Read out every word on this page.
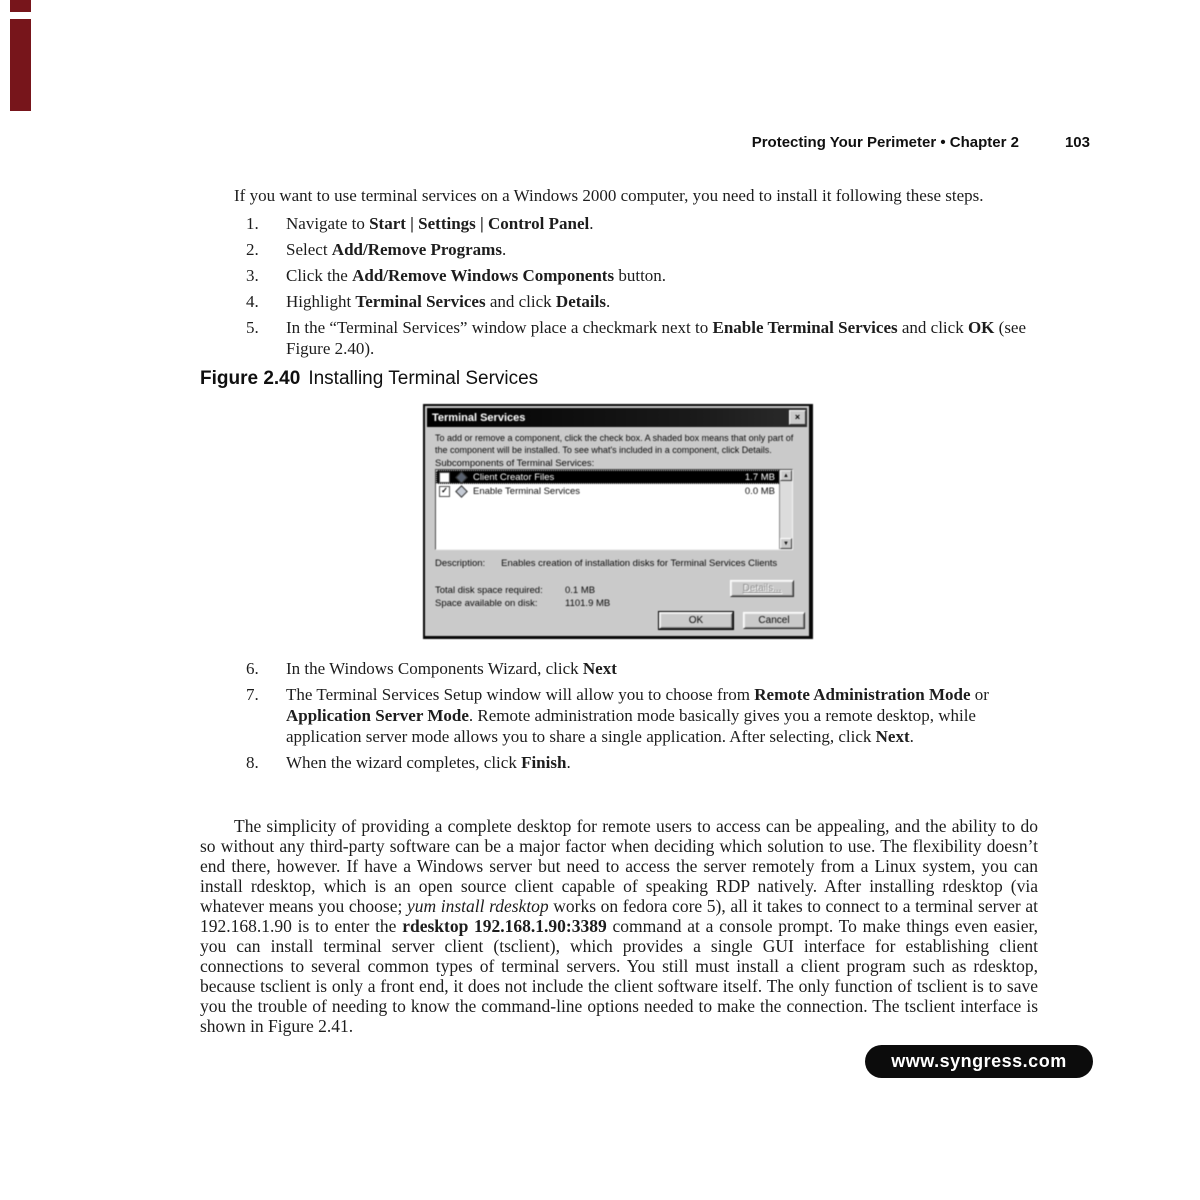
Protecting Your Perimeter • Chapter 2	103

If you want to use terminal services on a Windows 2000 computer, you need to install it following these steps.

1.	Navigate to Start | Settings | Control Panel.
2.	Select Add/Remove Programs.
3.	Click the Add/Remove Windows Components button.
4.	Highlight Terminal Services and click Details.
5.	In the “Terminal Services” window place a checkmark next to Enable Terminal Services and click OK (see Figure 2.40).
Figure 2.40 Installing Terminal Services
Terminal Services	×
To add or remove a component, click the check box. A shaded box means that only part of the component will be installed. To see what's included in a component, click Details.
Subcomponents of Terminal Services:
Client Creator Files	1.7 MB
✓	Enable Terminal Services	0.0 MB
▲
▼
Description: Enables creation of installation disks for Terminal Services Clients
Total disk space required:	0.1 MB
Space available on disk:	1101.9 MB
Details...
OK	Cancel
6.	In the Windows Components Wizard, click Next
7.	The Terminal Services Setup window will allow you to choose from Remote Administration Mode or Application Server Mode. Remote administration mode basically gives you a remote desktop, while application server mode allows you to share a single application. After selecting, click Next.
8.	When the wizard completes, click Finish.

The simplicity of providing a complete desktop for remote users to access can be appealing, and the ability to do so without any third-party software can be a major factor when deciding which solution to use. The flexibility doesn’t end there, however. If have a Windows server but need to access the server remotely from a Linux system, you can install rdesktop, which is an open source client capable of speaking RDP natively. After installing rdesktop (via whatever means you choose; yum install rdesktop works on fedora core 5), all it takes to connect to a terminal server at 192.168.1.90 is to enter the rdesktop 192.168.1.90:3389 command at a console prompt. To make things even easier, you can install terminal server client (tsclient), which provides a single GUI interface for establishing client connections to several common types of terminal servers. You still must install a client program such as rdesktop, because tsclient is only a front end, it does not include the client software itself. The only function of tsclient is to save you the trouble of needing to know the command-line options needed to make the connection. The tsclient interface is shown in Figure 2.41.

www.syngress.com
